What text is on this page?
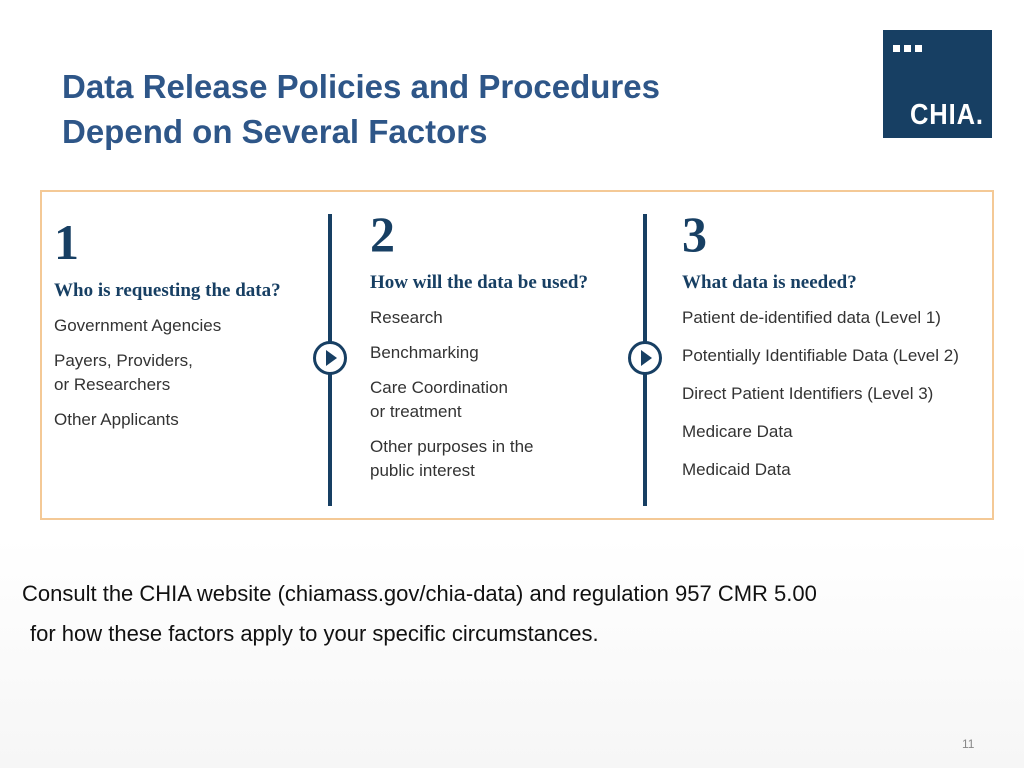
Data Release Policies and Procedures
Depend on Several Factors	CHIA.
1
Who is requesting the data?
Government Agencies
Payers, Providers,
or Researchers
Other Applicants
2
How will the data be used?
Research
Benchmarking
Care Coordination
or treatment
Other purposes in the
public interest
3
What data is needed?
Patient de-identified data (Level 1)
Potentially Identifiable Data (Level 2)
Direct Patient Identifiers (Level 3)
Medicare Data
Medicaid Data

Consult the CHIA website (chiamass.gov/chia-data) and regulation 957 CMR 5.00
for how these factors apply to your specific circumstances.

11
